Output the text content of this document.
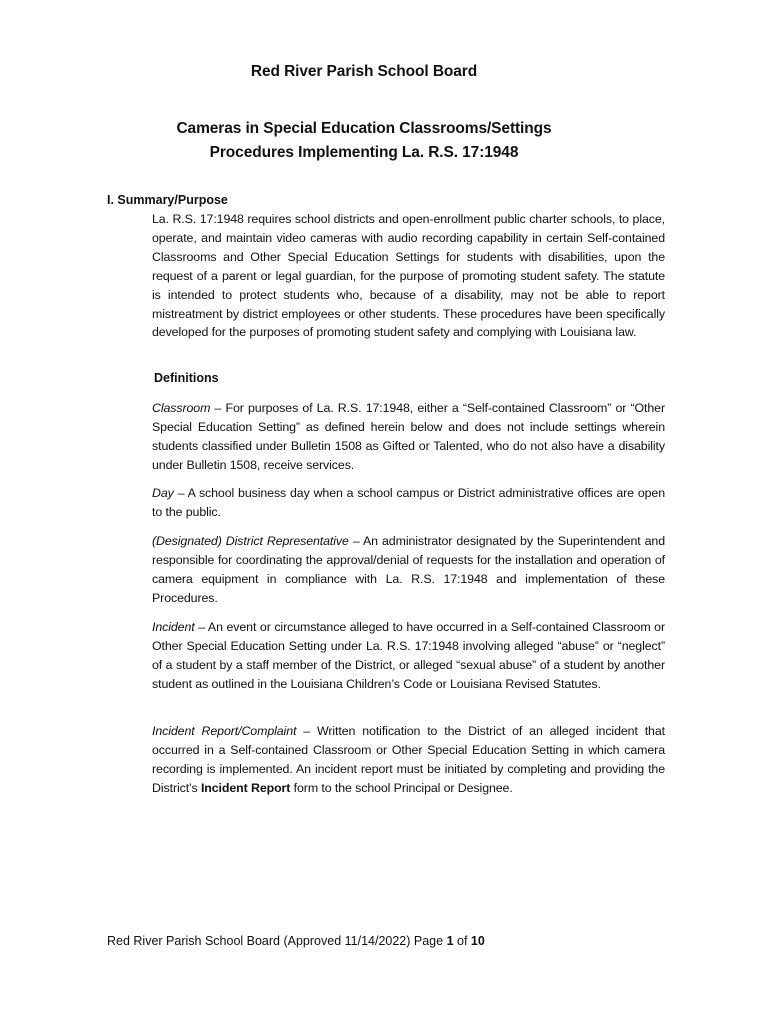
Red River Parish School Board
Cameras in Special Education Classrooms/Settings
Procedures Implementing La. R.S. 17:1948
I. Summary/Purpose
La. R.S. 17:1948 requires school districts and open-enrollment public charter schools, to place, operate, and maintain video cameras with audio recording capability in certain Self-contained Classrooms and Other Special Education Settings for students with disabilities, upon the request of a parent or legal guardian, for the purpose of promoting student safety. The statute is intended to protect students who, because of a disability, may not be able to report mistreatment by district employees or other students. These procedures have been specifically developed for the purposes of promoting student safety and complying with Louisiana law.
Definitions
Classroom – For purposes of La. R.S. 17:1948, either a “Self-contained Classroom” or “Other Special Education Setting” as defined herein below and does not include settings wherein students classified under Bulletin 1508 as Gifted or Talented, who do not also have a disability under Bulletin 1508, receive services.
Day – A school business day when a school campus or District administrative offices are open to the public.
(Designated) District Representative – An administrator designated by the Superintendent and responsible for coordinating the approval/denial of requests for the installation and operation of camera equipment in compliance with La. R.S. 17:1948 and implementation of these Procedures.
Incident – An event or circumstance alleged to have occurred in a Self-contained Classroom or Other Special Education Setting under La. R.S. 17:1948 involving alleged “abuse” or “neglect” of a student by a staff member of the District, or alleged “sexual abuse” of a student by another student as outlined in the Louisiana Children’s Code or Louisiana Revised Statutes.
Incident Report/Complaint – Written notification to the District of an alleged incident that occurred in a Self-contained Classroom or Other Special Education Setting in which camera recording is implemented. An incident report must be initiated by completing and providing the District’s Incident Report form to the school Principal or Designee.
Red River Parish School Board (Approved 11/14/2022) Page 1 of 10
